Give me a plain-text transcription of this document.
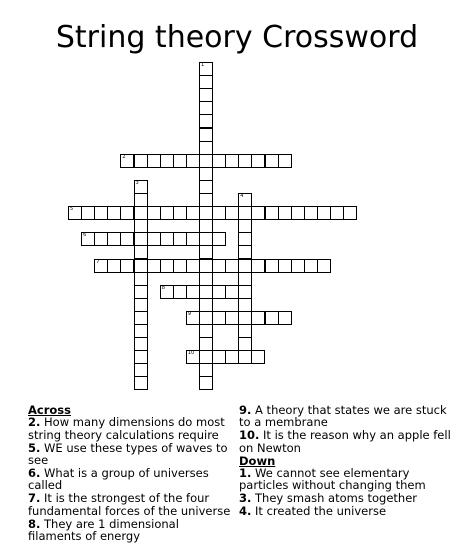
String theory Crossword
1
2
3
4
5
6
7
8
9
10
Across
2. How many dimensions do most string theory calculations require
5. WE use these types of waves to see
6. What is a group of universes called
7. It is the strongest of the four fundamental forces of the universe
8. They are 1 dimensional filaments of energy
9. A theory that states we are stuck to a membrane
10. It is the reason why an apple fell on Newton
Down
1. We cannot see elementary particles without changing them
3. They smash atoms together
4. It created the universe
